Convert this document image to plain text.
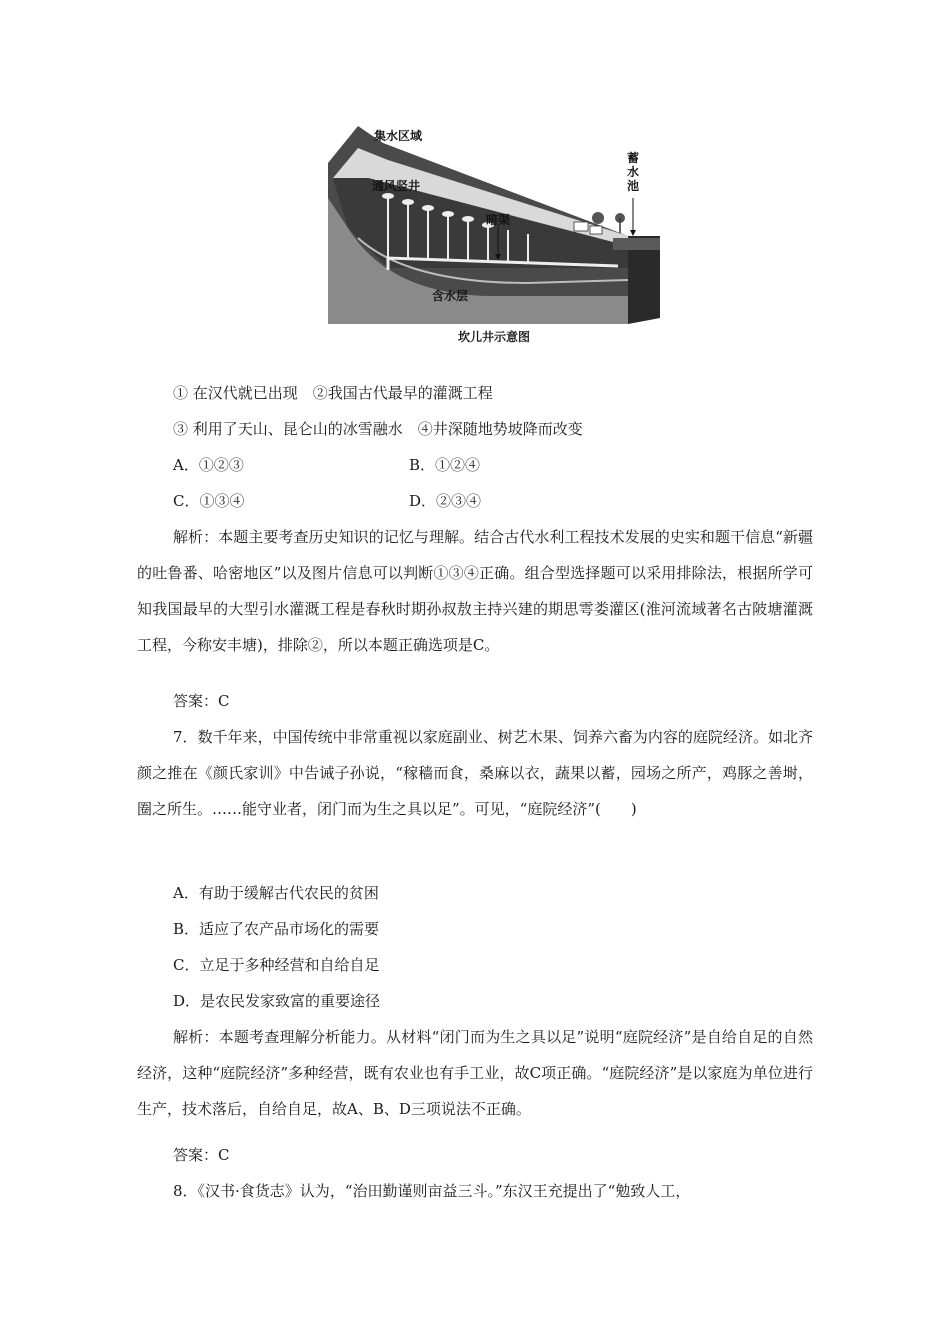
集水区域
通风竖井
暗渠
含水层
蓄
水
池
坎儿井示意图
① 在汉代就已出现　②我国古代最早的灌溉工程
③ 利用了天山、昆仑山的冰雪融水　④井深随地势坡降而改变
A．①②③	B．①②④
C．①③④	D．②③④
解析：本题主要考查历史知识的记忆与理解。结合古代水利工程技术发展的史实和题干信息“新疆的吐鲁番、哈密地区”以及图片信息可以判断①③④正确。组合型选择题可以采用排除法，根据所学可知我国最早的大型引水灌溉工程是春秋时期孙叔敖主持兴建的期思雩娄灌区(淮河流域著名古陂塘灌溉工程，今称安丰塘)，排除②，所以本题正确选项是C。
答案：C
7．数千年来，中国传统中非常重视以家庭副业、树艺木果、饲养六畜为内容的庭院经济。如北齐颜之推在《颜氏家训》中告诫子孙说，“稼穑而食，桑麻以衣，蔬果以蓄，园场之所产，鸡豚之善埘，圈之所生。……能守业者，闭门而为生之具以足”。可见，“庭院经济”(　　)
A．有助于缓解古代农民的贫困
B．适应了农产品市场化的需要
C．立足于多种经营和自给自足
D．是农民发家致富的重要途径
解析：本题考查理解分析能力。从材料“闭门而为生之具以足”说明“庭院经济”是自给自足的自然经济，这种“庭院经济”多种经营，既有农业也有手工业，故C项正确。“庭院经济”是以家庭为单位进行生产，技术落后，自给自足，故A、B、D三项说法不正确。
答案：C
8．《汉书·食货志》认为，“治田勤谨则亩益三斗。”东汉王充提出了“勉致人工，
